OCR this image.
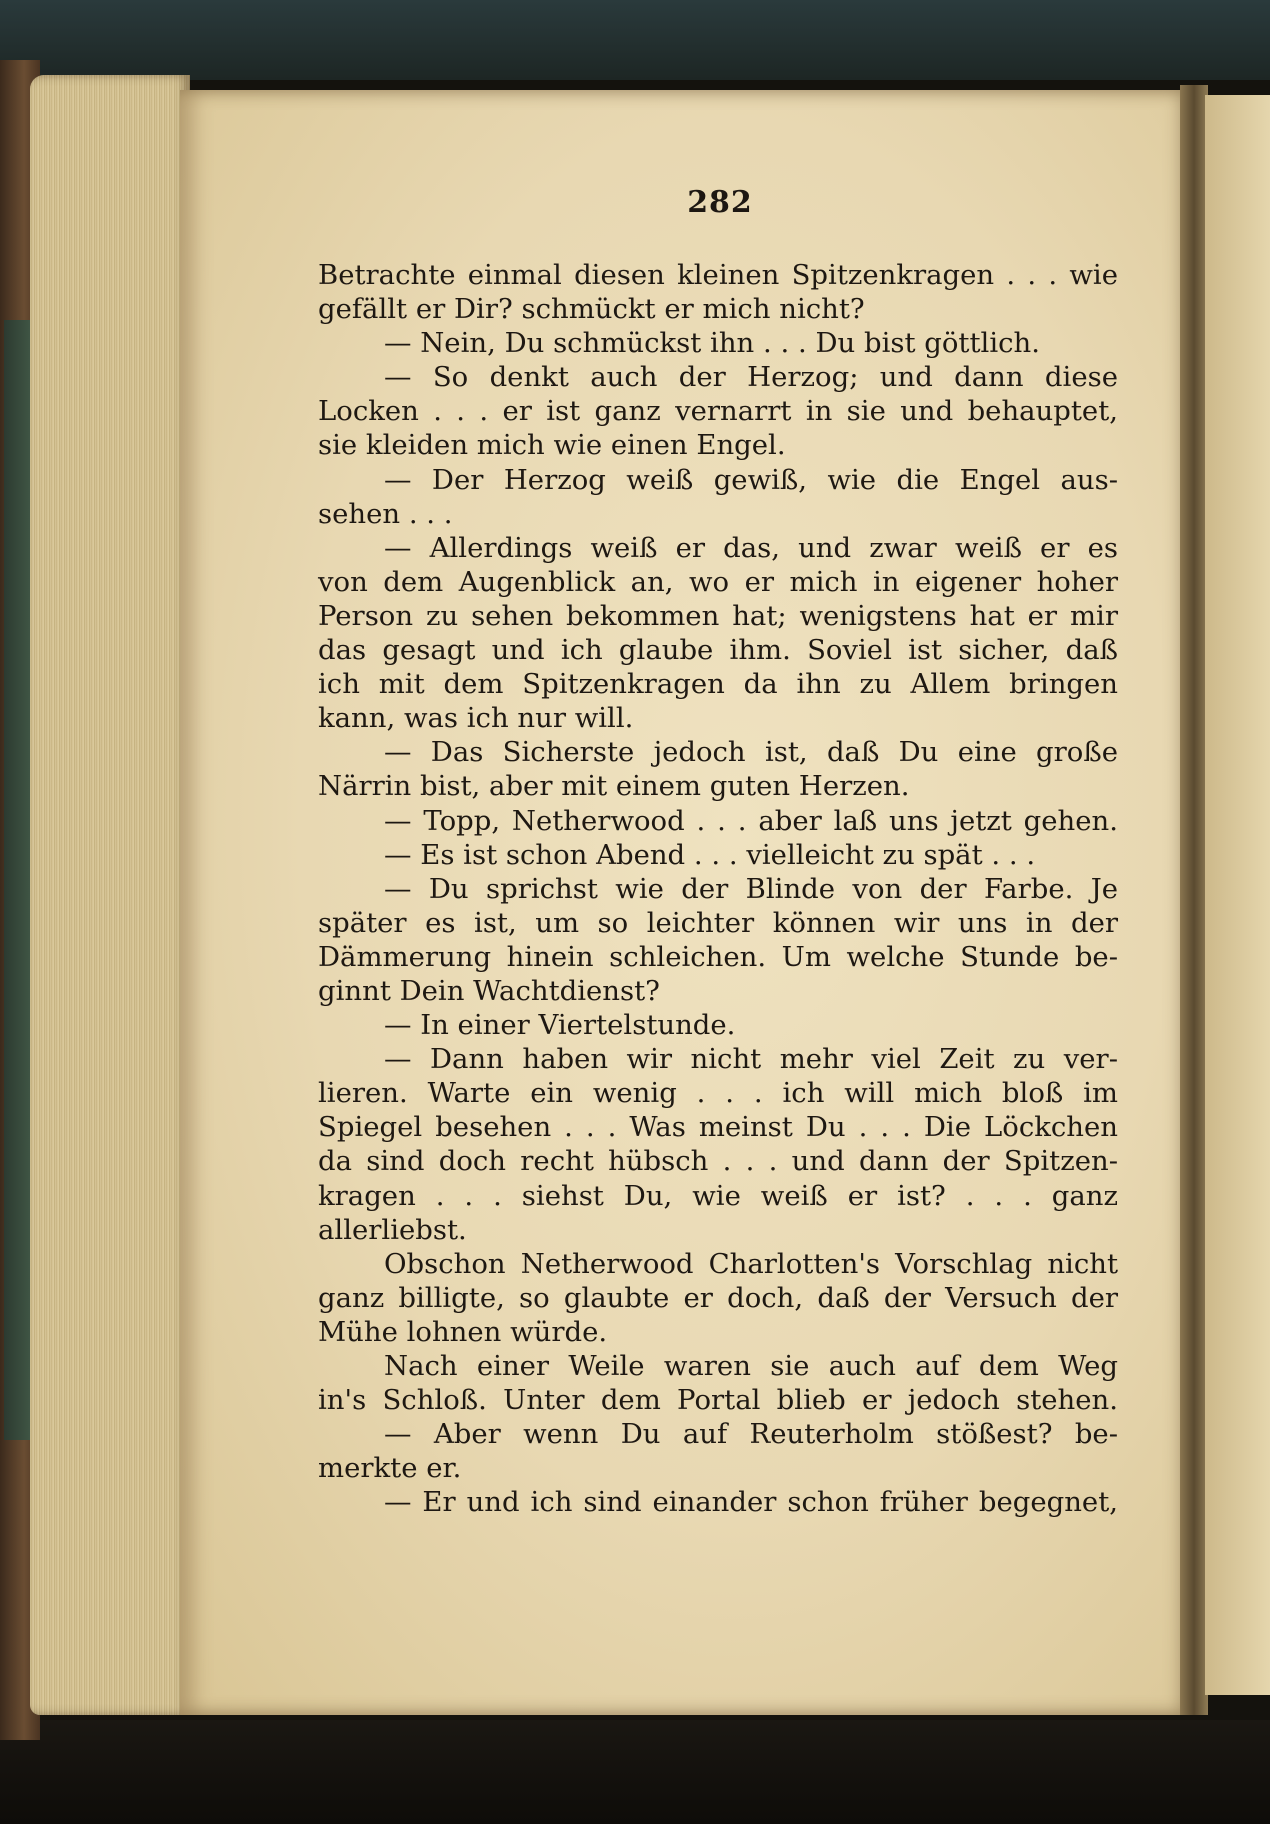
282
Betrachte einmal diesen kleinen Spitzenkragen . . . wie
gefällt er Dir? schmückt er mich nicht?
— Nein, Du schmückst ihn . . . Du bist göttlich.
— So denkt auch der Herzog; und dann diese
Locken . . . er ist ganz vernarrt in sie und behauptet,
sie kleiden mich wie einen Engel.
— Der Herzog weiß gewiß, wie die Engel aus-
sehen . . .
— Allerdings weiß er das, und zwar weiß er es
von dem Augenblick an, wo er mich in eigener hoher
Person zu sehen bekommen hat; wenigstens hat er mir
das gesagt und ich glaube ihm. Soviel ist sicher, daß
ich mit dem Spitzenkragen da ihn zu Allem bringen
kann, was ich nur will.
— Das Sicherste jedoch ist, daß Du eine große
Närrin bist, aber mit einem guten Herzen.
— Topp, Netherwood . . . aber laß uns jetzt gehen.
— Es ist schon Abend . . . vielleicht zu spät . . .
— Du sprichst wie der Blinde von der Farbe. Je
später es ist, um so leichter können wir uns in der
Dämmerung hinein schleichen. Um welche Stunde be-
ginnt Dein Wachtdienst?
— In einer Viertelstunde.
— Dann haben wir nicht mehr viel Zeit zu ver-
lieren. Warte ein wenig . . . ich will mich bloß im
Spiegel besehen . . . Was meinst Du . . . Die Löckchen
da sind doch recht hübsch . . . und dann der Spitzen-
kragen . . . siehst Du, wie weiß er ist? . . . ganz
allerliebst.
Obschon Netherwood Charlotten's Vorschlag nicht
ganz billigte, so glaubte er doch, daß der Versuch der
Mühe lohnen würde.
Nach einer Weile waren sie auch auf dem Weg
in's Schloß. Unter dem Portal blieb er jedoch stehen.
— Aber wenn Du auf Reuterholm stößest? be-
merkte er.
— Er und ich sind einander schon früher begegnet,
